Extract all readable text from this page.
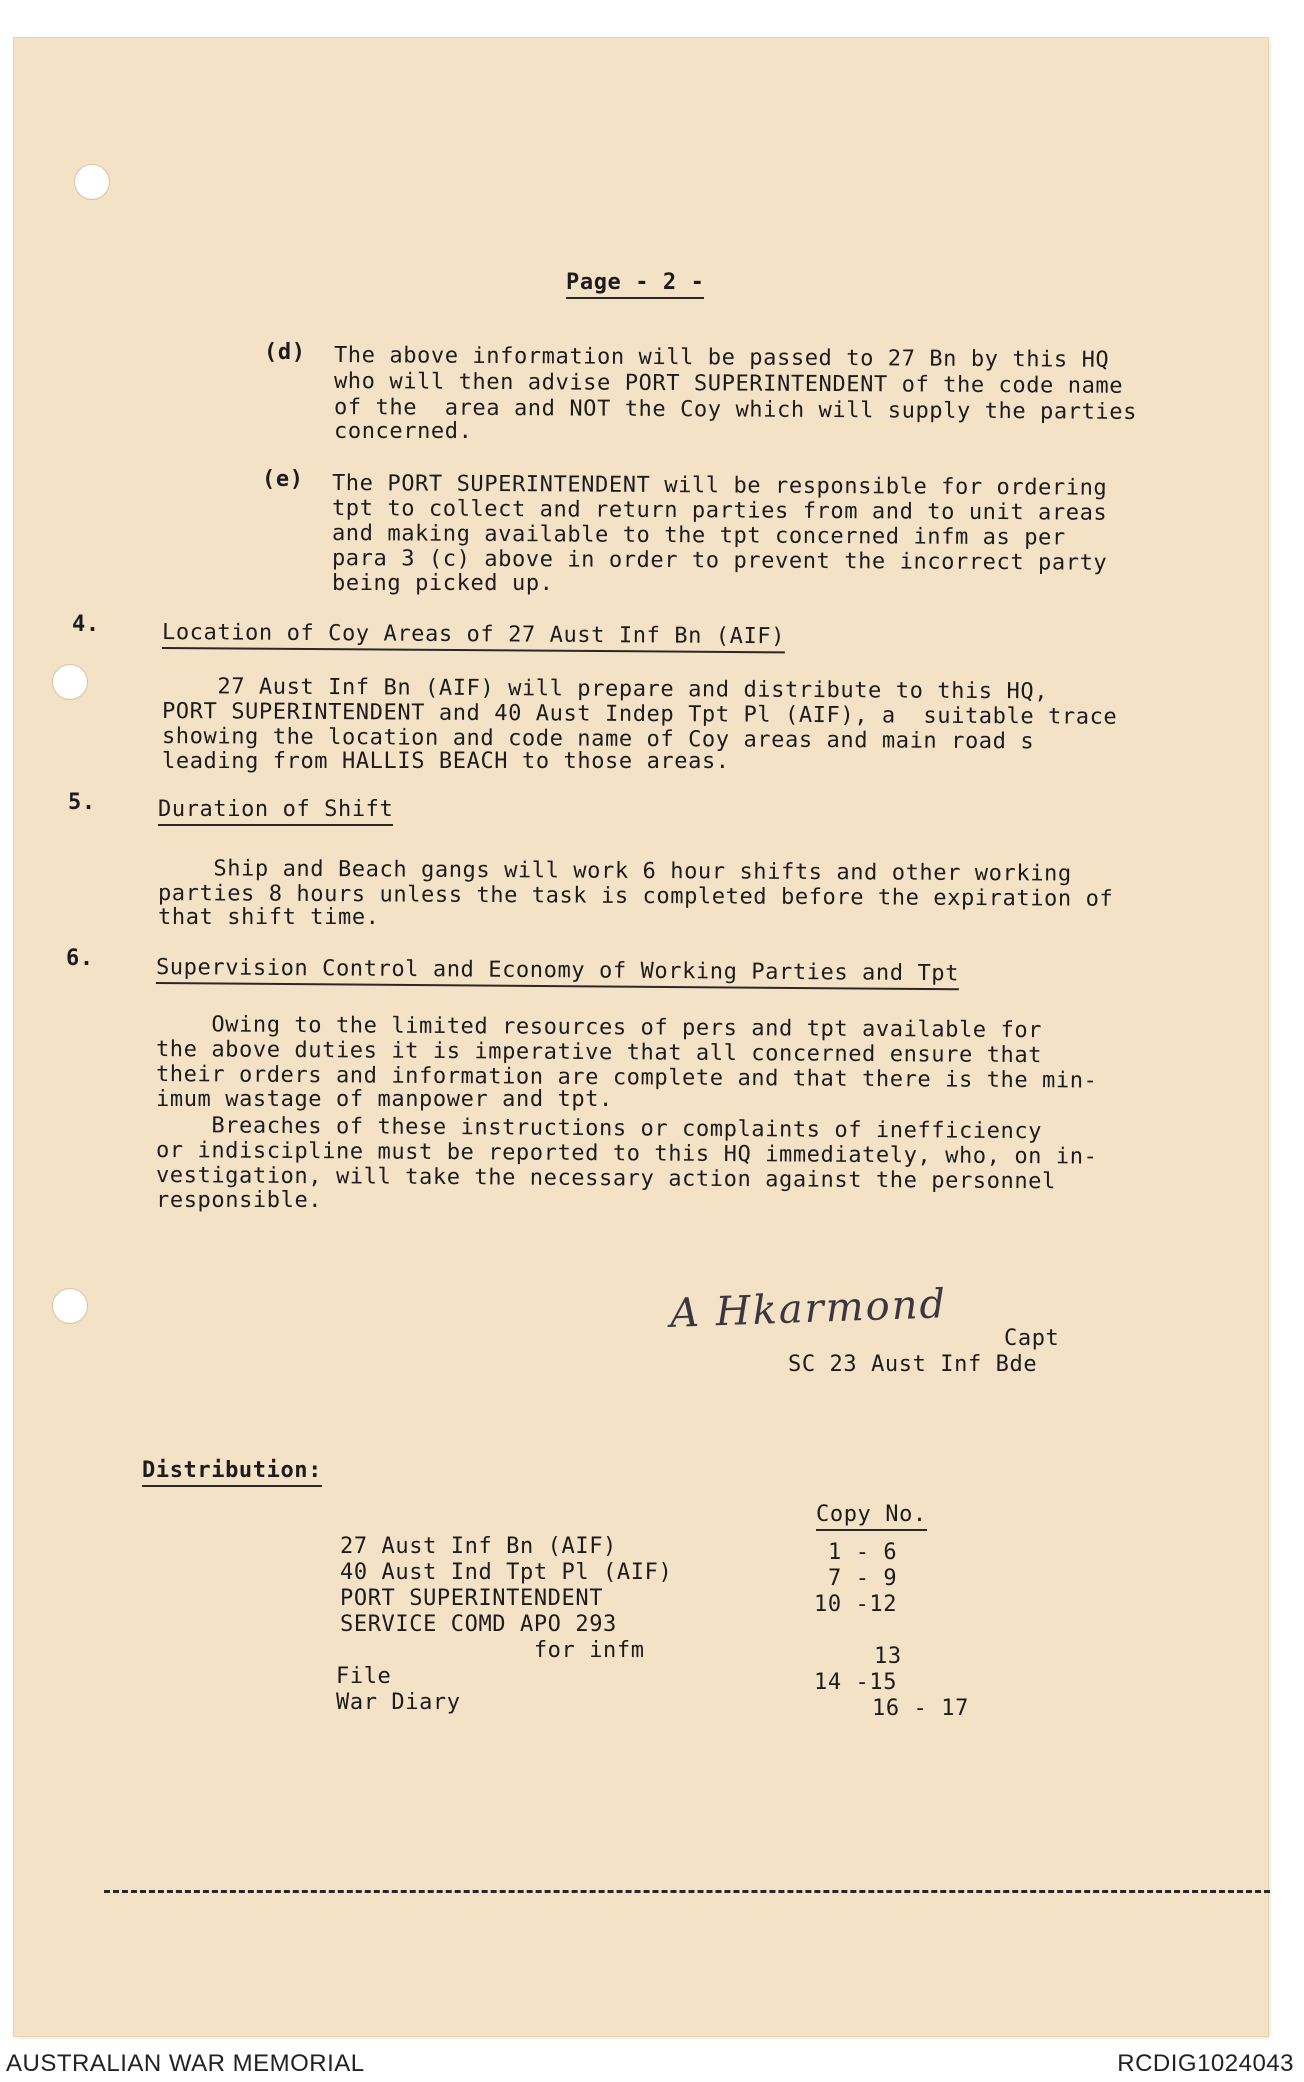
Page - 2 -
(d) The above information will be passed to 27 Bn by this HQ
who will then advise PORT SUPERINTENDENT of the code name
of the  area and NOT the Coy which will supply the parties
concerned.
(e) The PORT SUPERINTENDENT will be responsible for ordering
tpt to collect and return parties from and to unit areas
and making available to the tpt concerned infm as per
para 3 (c) above in order to prevent the incorrect party
being picked up.
4.	Location of Coy Areas of 27 Aust Inf Bn (AIF)
27 Aust Inf Bn (AIF) will prepare and distribute to this HQ,
PORT SUPERINTENDENT and 40 Aust Indep Tpt Pl (AIF), a  suitable trace
showing the location and code name of Coy areas and main road s
leading from HALLIS BEACH to those areas.
5.	Duration of Shift
Ship and Beach gangs will work 6 hour shifts and other working
parties 8 hours unless the task is completed before the expiration of
that shift time.
6.	Supervision Control and Economy of Working Parties and Tpt
Owing to the limited resources of pers and tpt available for
the above duties it is imperative that all concerned ensure that
their orders and information are complete and that there is the min-
imum wastage of manpower and tpt.
Breaches of these instructions or complaints of inefficiency
or indiscipline must be reported to this HQ immediately, who, on in-
vestigation, will take the necessary action against the personnel
responsible.
A Hkarmond
Capt
SC 23 Aust Inf Bde
Distribution:
Copy No.
27 Aust Inf Bn (AIF)	1 - 6
40 Aust Ind Tpt Pl (AIF)	7 - 9
PORT SUPERINTENDENT	10 -12
SERVICE COMD APO 293
for infm	13
File	14 -15
War Diary	16 - 17
AUSTRALIAN WAR MEMORIAL	RCDIG1024043
